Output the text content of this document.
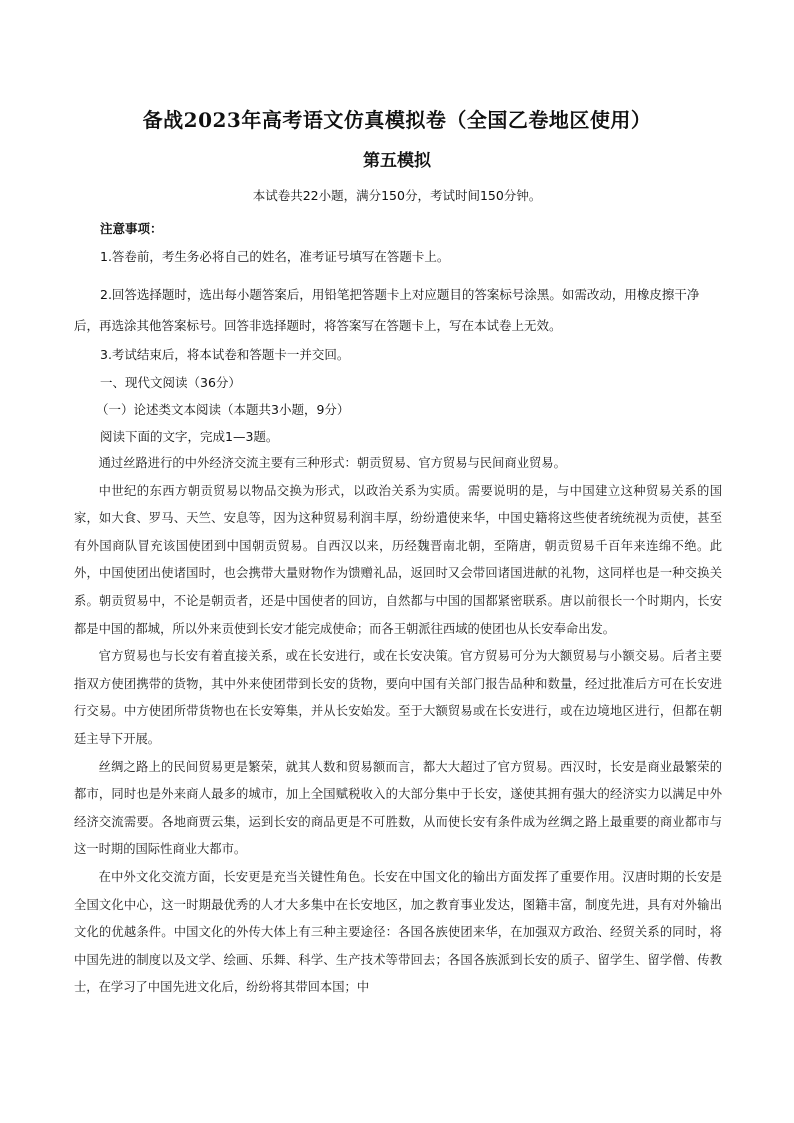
备战2023年高考语文仿真模拟卷（全国乙卷地区使用）
第五模拟
本试卷共22小题，满分150分，考试时间150分钟。
注意事项：
1.答卷前，考生务必将自己的姓名，准考证号填写在答题卡上。
2.回答选择题时，选出每小题答案后，用铅笔把答题卡上对应题目的答案标号涂黑。如需改动，用橡皮擦干净后，再选涂其他答案标号。回答非选择题时，将答案写在答题卡上，写在本试卷上无效。
3.考试结束后，将本试卷和答题卡一并交回。
一、现代文阅读（36分）
（一）论述类文本阅读（本题共3小题，9分）
阅读下面的文字，完成1—3题。

通过丝路进行的中外经济交流主要有三种形式：朝贡贸易、官方贸易与民间商业贸易。

中世纪的东西方朝贡贸易以物品交换为形式，以政治关系为实质。需要说明的是，与中国建立这种贸易关系的国家，如大食、罗马、天竺、安息等，因为这种贸易利润丰厚，纷纷遣使来华，中国史籍将这些使者统统视为贡使，甚至有外国商队冒充该国使团到中国朝贡贸易。自西汉以来，历经魏晋南北朝，至隋唐，朝贡贸易千百年来连绵不绝。此外，中国使团出使诸国时，也会携带大量财物作为馈赠礼品，返回时又会带回诸国进献的礼物，这同样也是一种交换关系。朝贡贸易中，不论是朝贡者，还是中国使者的回访，自然都与中国的国都紧密联系。唐以前很长一个时期内，长安都是中国的都城，所以外来贡使到长安才能完成使命；而各王朝派往西域的使团也从长安奉命出发。

官方贸易也与长安有着直接关系，或在长安进行，或在长安决策。官方贸易可分为大额贸易与小额交易。后者主要指双方使团携带的货物，其中外来使团带到长安的货物，要向中国有关部门报告品种和数量，经过批准后方可在长安进行交易。中方使团所带货物也在长安筹集，并从长安始发。至于大额贸易或在长安进行，或在边境地区进行，但都在朝廷主导下开展。

丝绸之路上的民间贸易更是繁荣，就其人数和贸易额而言，都大大超过了官方贸易。西汉时，长安是商业最繁荣的都市，同时也是外来商人最多的城市，加上全国赋税收入的大部分集中于长安，遂使其拥有强大的经济实力以满足中外经济交流需要。各地商贾云集，运到长安的商品更是不可胜数，从而使长安有条件成为丝绸之路上最重要的商业都市与这一时期的国际性商业大都市。

在中外文化交流方面，长安更是充当关键性角色。长安在中国文化的输出方面发挥了重要作用。汉唐时期的长安是全国文化中心，这一时期最优秀的人才大多集中在长安地区，加之教育事业发达，图籍丰富，制度先进，具有对外输出文化的优越条件。中国文化的外传大体上有三种主要途径：各国各族使团来华，在加强双方政治、经贸关系的同时，将中国先进的制度以及文学、绘画、乐舞、科学、生产技术等带回去；各国各族派到长安的质子、留学生、留学僧、传教士，在学习了中国先进文化后，纷纷将其带回本国；中
